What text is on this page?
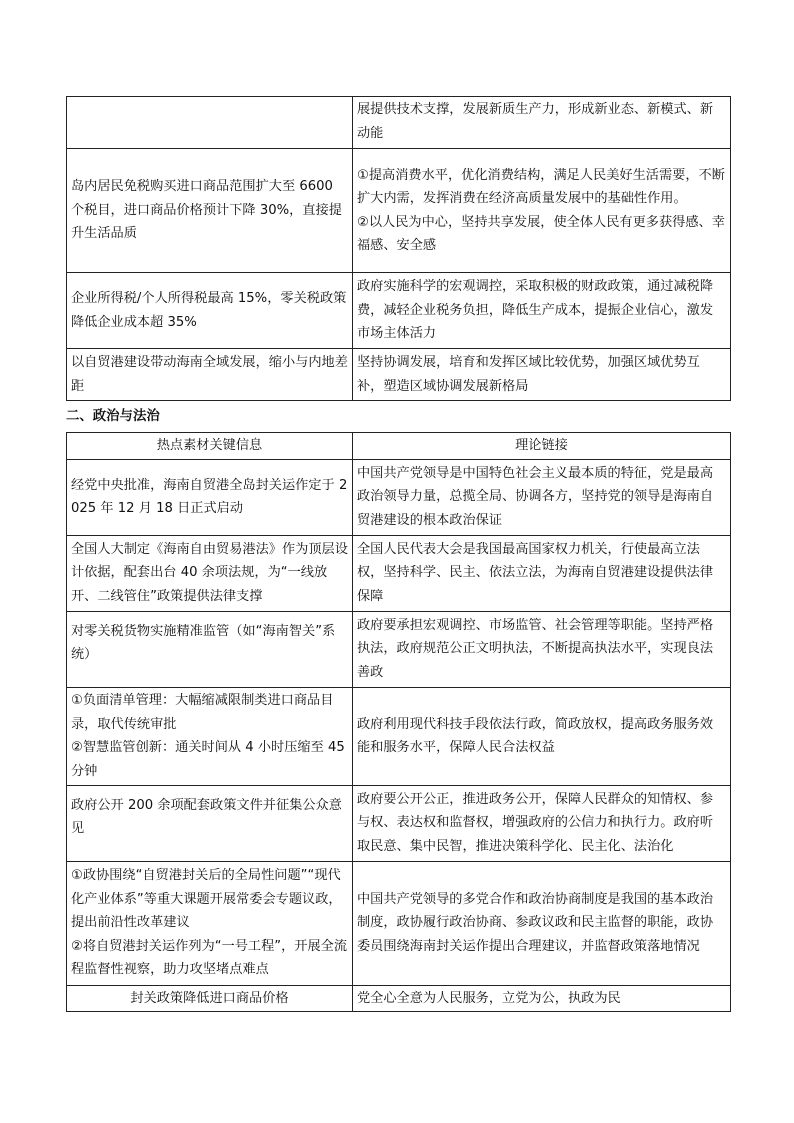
	展提供技术支撑，发展新质生产力，形成新业态、新模式、新动能

岛内居民免税购买进口商品范围扩大至 6600 个税目，进口商品价格预计下降 30%，直接提升生活品质	①提高消费水平，优化消费结构，满足人民美好生活需要，不断扩大内需，发挥消费在经济高质量发展中的基础性作用。

②以人民为中心，坚持共享发展，使全体人民有更多获得感、幸福感、安全感

企业所得税/个人所得税最高 15%，零关税政策降低企业成本超 35%	政府实施科学的宏观调控，采取积极的财政政策，通过减税降费，减轻企业税务负担，降低生产成本，提振企业信心，激发市场主体活力

以自贸港建设带动海南全域发展，缩小与内地差距	坚持协调发展，培育和发挥区域比较优势，加强区域优势互补，塑造区域协调发展新格局

二、政治与法治
热点素材关键信息	理论链接

经党中央批准，海南自贸港全岛封关运作定于 2025 年 12 月 18 日正式启动	中国共产党领导是中国特色社会主义最本质的特征，党是最高政治领导力量，总揽全局、协调各方，坚持党的领导是海南自贸港建设的根本政治保证

全国人大制定《海南自由贸易港法》作为顶层设计依据，配套出台 40 余项法规，为“一线放开、二线管住”政策提供法律支撑	全国人民代表大会是我国最高国家权力机关，行使最高立法权，坚持科学、民主、依法立法，为海南自贸港建设提供法律保障

对零关税货物实施精准监管（如“海南智关”系统）	政府要承担宏观调控、市场监管、社会管理等职能。坚持严格执法，政府规范公正文明执法，不断提高执法水平，实现良法善政

①负面清单管理：大幅缩减限制类进口商品目录，取代传统审批

②智慧监管创新：通关时间从 4 小时压缩至 45 分钟	政府利用现代科技手段依法行政，简政放权，提高政务服务效能和服务水平，保障人民合法权益

政府公开 200 余项配套政策文件并征集公众意见	政府要公开公正，推进政务公开，保障人民群众的知情权、参与权、表达权和监督权，增强政府的公信力和执行力。政府听取民意、集中民智，推进决策科学化、民主化、法治化

①政协围绕“自贸港封关后的全局性问题”“现代化产业体系”等重大课题开展常委会专题议政，提出前沿性改革建议

②将自贸港封关运作列为“一号工程”，开展全流程监督性视察，助力攻坚堵点难点	中国共产党领导的多党合作和政治协商制度是我国的基本政治制度，政协履行政治协商、参政议政和民主监督的职能，政协委员围绕海南封关运作提出合理建议，并监督政策落地情况

封关政策降低进口商品价格	党全心全意为人民服务，立党为公，执政为民
